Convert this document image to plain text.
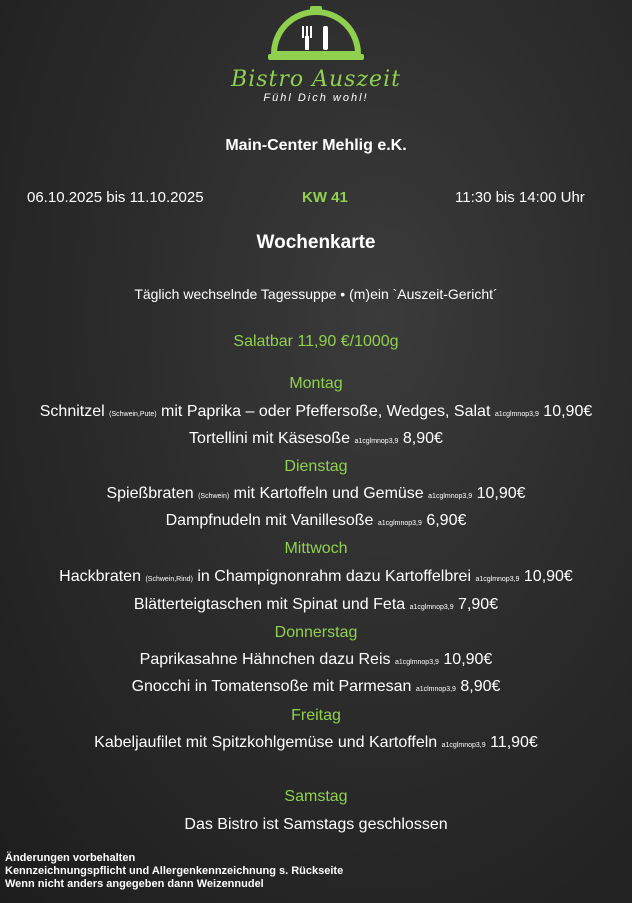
Bistro Auszeit
Fühl Dich wohl!
Main-Center Mehlig e.K.
06.10.2025 bis 11.10.2025	KW 41	11:30 bis 14:00 Uhr
Wochenkarte
Täglich wechselnde Tagessuppe • (m)ein `Auszeit-Gericht´
Salatbar 11,90 €/1000g
Montag
Schnitzel (Schwein,Pute) mit Paprika – oder Pfeffersoße, Wedges, Salat a1cglmnop3,9 10,90€
Tortellini mit Käsesoße a1cglmnop3,9 8,90€
Dienstag
Spießbraten (Schwein) mit Kartoffeln und Gemüse a1cglmnop3,9 10,90€
Dampfnudeln mit Vanillesoße a1cglmnop3,9 6,90€
Mittwoch
Hackbraten (Schwein,Rind) in Champignonrahm dazu Kartoffelbrei a1cglmnop3,9 10,90€
Blätterteigtaschen mit Spinat und Feta a1cglmnop3,9 7,90€
Donnerstag
Paprikasahne Hähnchen dazu Reis a1cglmnop3,9 10,90€
Gnocchi in Tomatensoße mit Parmesan a1clmnop3,9 8,90€
Freitag
Kabeljaufilet mit Spitzkohlgemüse und Kartoffeln a1cglmnop3,9 11,90€
Samstag
Das Bistro ist Samstags geschlossen
Änderungen vorbehalten
Kennzeichnungspflicht und Allergenkennzeichnung s. Rückseite
Wenn nicht anders angegeben dann Weizennudel
